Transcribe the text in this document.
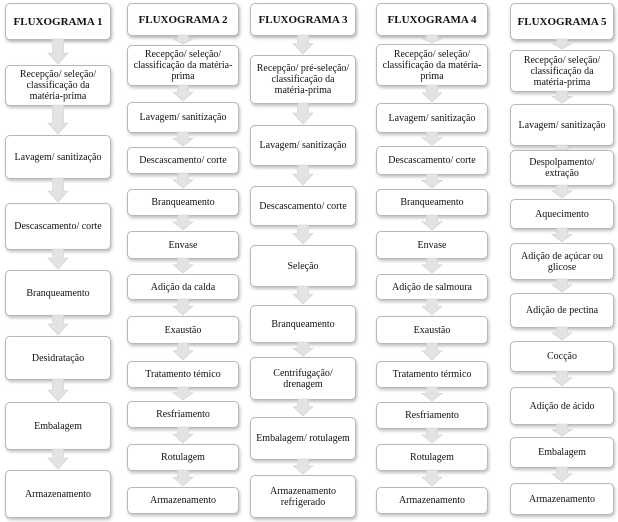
FLUXOGRAMA 1
Recepção/ seleção/ classificação da matéria-prima
Lavagem/ sanitização
Descascamento/ corte
Branqueamento
Desidratação
Embalagem
Armazenamento
FLUXOGRAMA 2
Recepção/ seleção/ classificação da matéria-prima
Lavagem/ sanitização
Descascamento/ corte
Branqueamento
Envase
Adição da calda
Exaustão
Tratamento témico
Resfriamento
Rotulagem
Armazenamento
FLUXOGRAMA 3
Recepção/ pré-seleção/ classificação da matéria-prima
Lavagem/ sanitização
Descascamento/ corte
Seleção
Branqueamento
Centrifugação/ drenagem
Embalagem/ rotulagem
Armazenamento refrigerado
FLUXOGRAMA 4
Recepção/ seleção/ classificação da matéria-prima
Lavagem/ sanitização
Descascamento/ corte
Branqueamento
Envase
Adição de salmoura
Exaustão
Tratamento térmico
Resfriamento
Rotulagem
Armazenamento
FLUXOGRAMA 5
Recepção/ seleção/ classificação da matéria-prima
Lavagem/ sanitização
Despolpamento/ extração
Aquecimento
Adição de açúcar ou glicose
Adição de pectina
Cocção
Adição de ácido
Embalagem
Armazenamento
